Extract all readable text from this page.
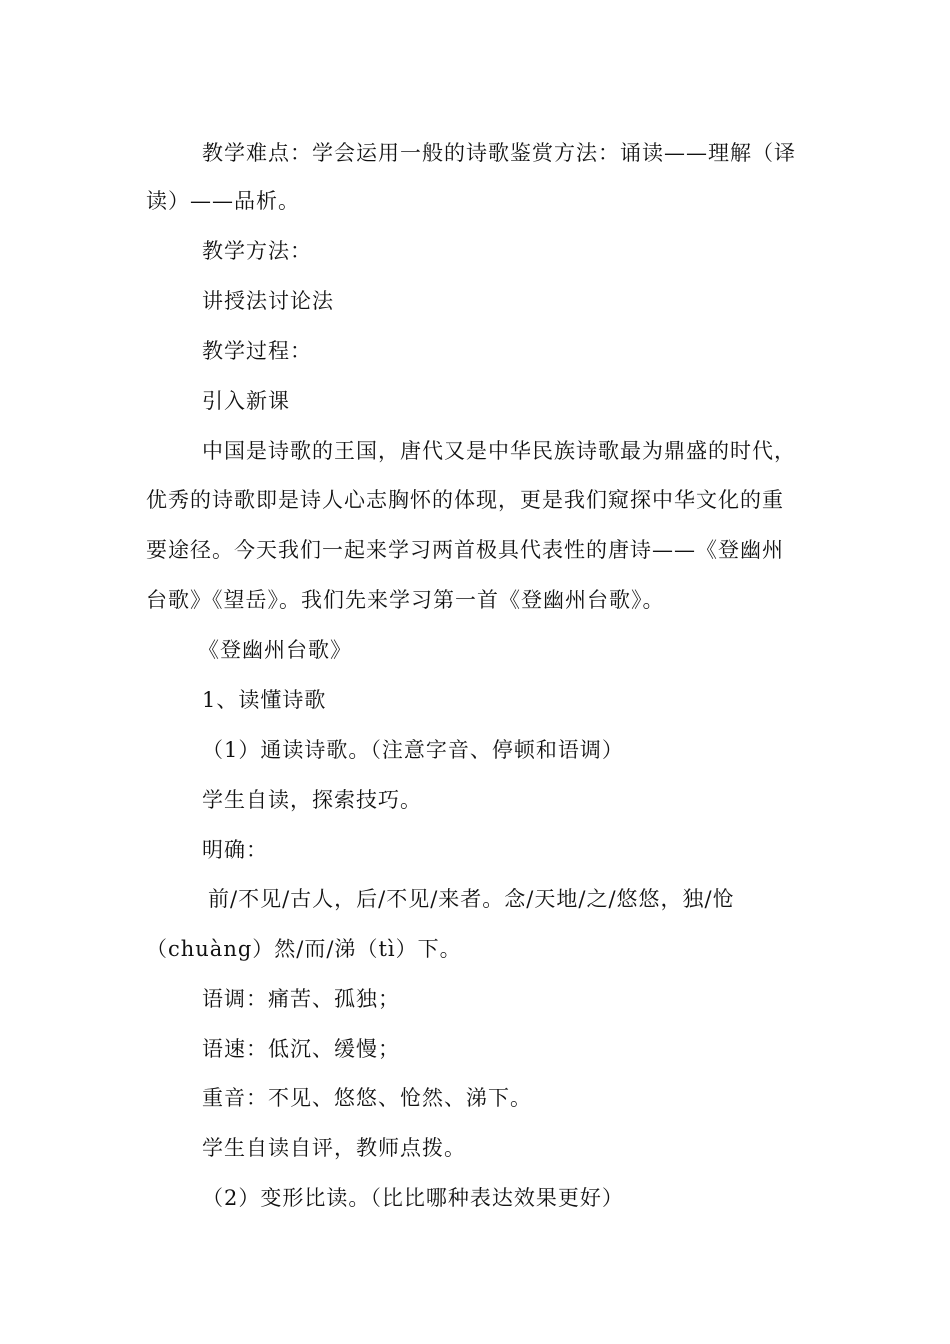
教学难点：学会运用一般的诗歌鉴赏方法：诵读——理解（译
读）——品析。
教学方法：
讲授法讨论法
教学过程：
引入新课
中国是诗歌的王国，唐代又是中华民族诗歌最为鼎盛的时代，
优秀的诗歌即是诗人心志胸怀的体现，更是我们窥探中华文化的重
要途径。今天我们一起来学习两首极具代表性的唐诗——《登幽州
台歌》《望岳》。我们先来学习第一首《登幽州台歌》。
《登幽州台歌》
1、读懂诗歌
（1）通读诗歌。（注意字音、停顿和语调）
学生自读，探索技巧。
明确：
前/不见/古人，后/不见/来者。念/天地/之/悠悠，独/怆
（chuàng）然/而/涕（tì）下。
语调：痛苦、孤独；
语速：低沉、缓慢；
重音：不见、悠悠、怆然、涕下。
学生自读自评，教师点拨。
（2）变形比读。（比比哪种表达效果更好）
